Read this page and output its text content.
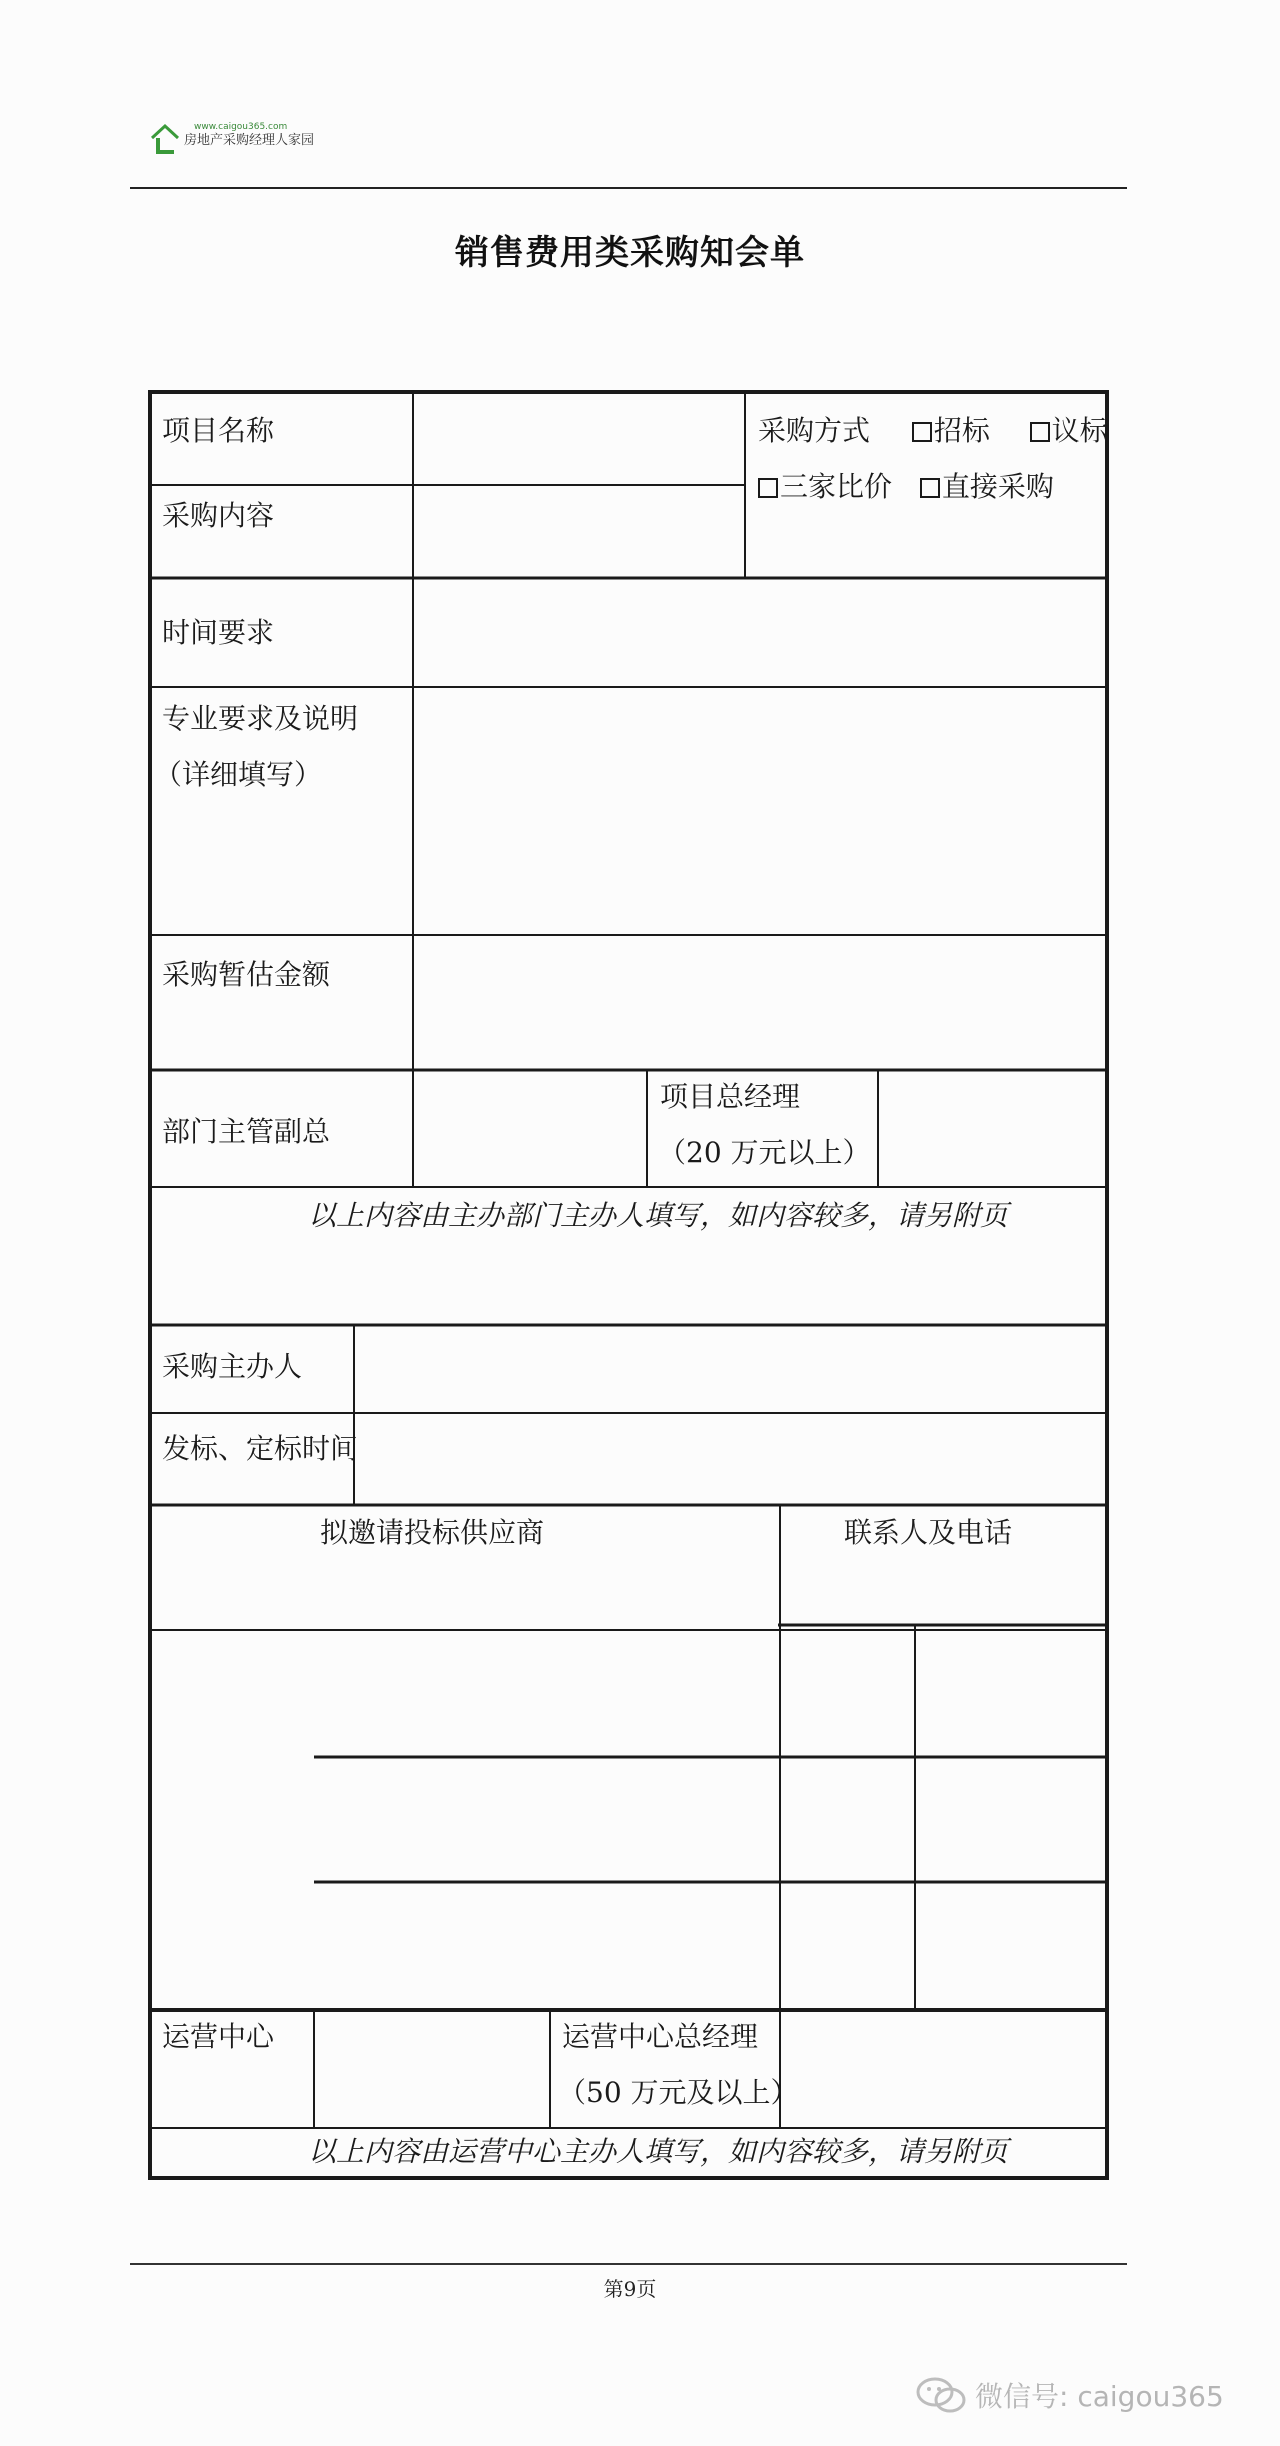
www.caigou365.com
房地产采购经理人家园
销售费用类采购知会单
项目名称
采购内容
采购方式 招标 议标
三家比价 直接采购
时间要求
专业要求及说明
（详细填写）
采购暂估金额
部门主管副总
项目总经理
（20 万元以上）
以上内容由主办部门主办人填写，如内容较多，请另附页
采购主办人
发标、定标时间
拟邀请投标供应商	联系人及电话
运营中心	运营中心总经理
（50 万元及以上）
以上内容由运营中心主办人填写，如内容较多，请另附页
第9页
微信号: caigou365
